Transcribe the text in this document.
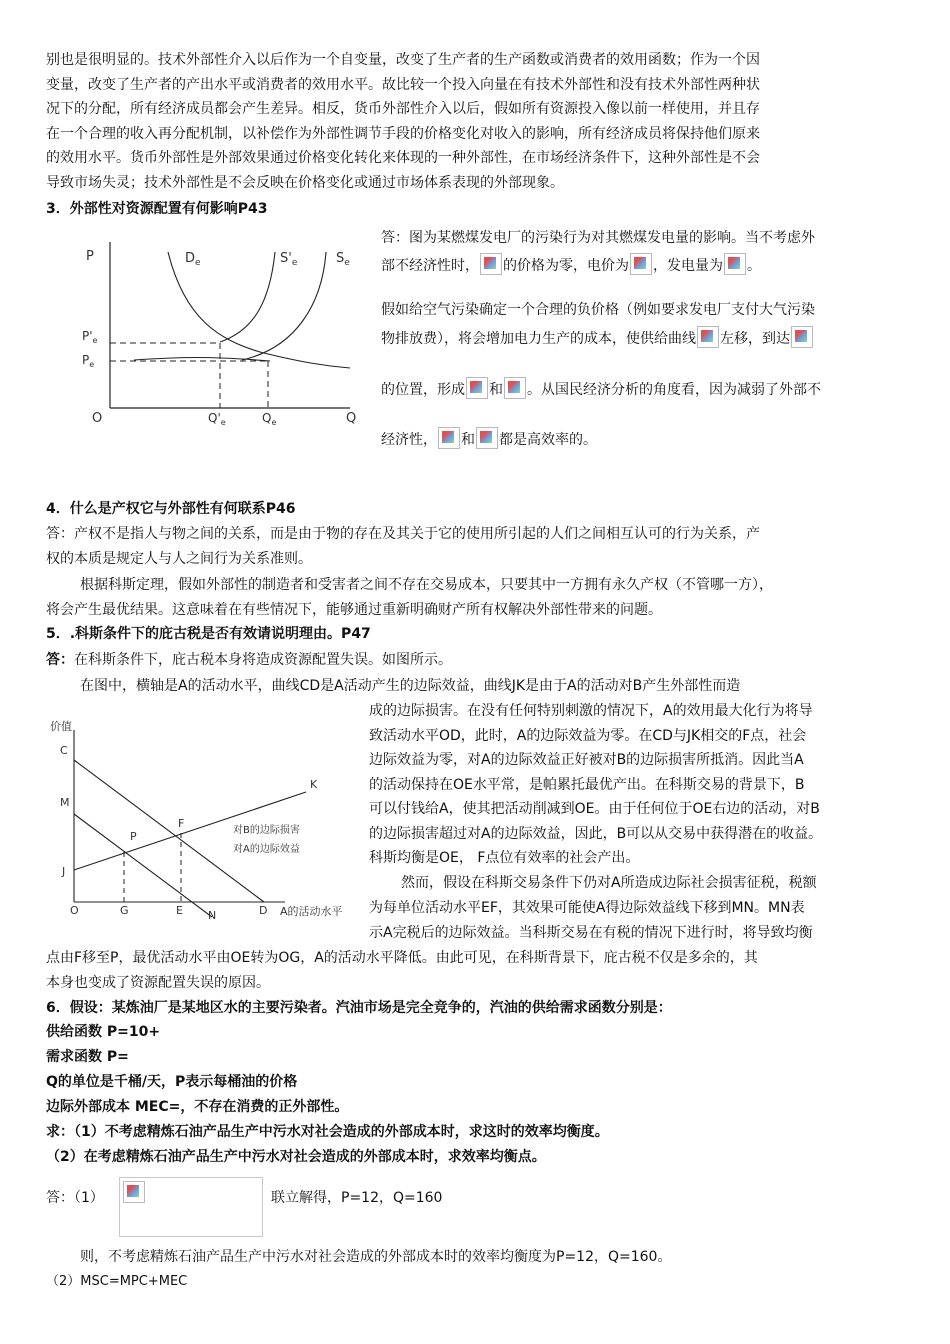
别也是很明显的。技术外部性介入以后作为一个自变量，改变了生产者的生产函数或消费者的效用函数；作为一个因

变量，改变了生产者的产出水平或消费者的效用水平。故比较一个投入向量在有技术外部性和没有技术外部性两种状

况下的分配，所有经济成员都会产生差异。相反，货币外部性介入以后，假如所有资源投入像以前一样使用，并且存

在一个合理的收入再分配机制，以补偿作为外部性调节手段的价格变化对收入的影响，所有经济成员将保持他们原来

的效用水平。货币外部性是外部效果通过价格变化转化来体现的一种外部性，在市场经济条件下，这种外部性是不会

导致市场失灵；技术外部性是不会反映在价格变化或通过市场体系表现的外部现象。

3．外部性对资源配置有何影响P43

P
O	Q
$D_e$	$S'_e$	$S_e$
$P'_e$
$P_e$
$Q'_e$	$Q_e$

答：图为某燃煤发电厂的污染行为对其燃煤发电量的影响。当不考虑外

部不经济性时， 的价格为零，电价为 ，发电量为 。

假如给空气污染确定一个合理的负价格（例如要求发电厂支付大气污染

物排放费），将会增加电力生产的成本，使供给曲线 左移，到达

的位置，形成 和 。从国民经济分析的角度看，因为减弱了外部不

经济性， 和 都是高效率的。

4．什么是产权它与外部性有何联系P46

答：产权不是指人与物之间的关系，而是由于物的存在及其关于它的使用所引起的人们之间相互认可的行为关系，产

权的本质是规定人与人之间行为关系准则。

根据科斯定理，假如外部性的制造者和受害者之间不存在交易成本，只要其中一方拥有永久产权（不管哪一方），

将会产生最优结果。这意味着在有些情况下，能够通过重新明确财产所有权解决外部性带来的问题。

5．.科斯条件下的庇古税是否有效请说明理由。P47

答：在科斯条件下，庇古税本身将造成资源配置失误。如图所示。

在图中，横轴是A的活动水平，曲线CD是A活动产生的边际效益，曲线JK是由于A的活动对B产生外部性而造

价值
C
M
J
O	G	E N	D A的活动水平
K
F
P	对B的边际损害
对A的边际效益

成的边际损害。在没有任何特别刺激的情况下，A的效用最大化行为将导

致活动水平OD，此时，A的边际效益为零。在CD与JK相交的F点，社会

边际效益为零，对A的边际效益正好被对B的边际损害所抵消。因此当A

的活动保持在OE水平常，是帕累托最优产出。在科斯交易的背景下，B

可以付钱给A，使其把活动削减到OE。由于任何位于OE右边的活动，对B

的边际损害超过对A的边际效益，因此，B可以从交易中获得潜在的收益。

科斯均衡是OE， F点位有效率的社会产出。

然而，假设在科斯交易条件下仍对A所造成边际社会损害征税，税额

为每单位活动水平EF，其效果可能使A得边际效益线下移到MN。MN表

示A完税后的边际效益。当科斯交易在有税的情况下进行时，将导致均衡

点由F移至P，最优活动水平由OE转为OG，A的活动水平降低。由此可见，在科斯背景下，庇古税不仅是多余的，其

本身也变成了资源配置失误的原因。

6．假设：某炼油厂是某地区水的主要污染者。汽油市场是完全竞争的，汽油的供给需求函数分别是：

供给函数 P=10+

需求函数 P=

Q的单位是千桶/天，P表示每桶油的价格

边际外部成本 MEC=，不存在消费的正外部性。

求：（1）不考虑精炼石油产品生产中污水对社会造成的外部成本时，求这时的效率均衡度。

（2）在考虑精炼石油产品生产中污水对社会造成的外部成本时，求效率均衡点。

答：（1）	联立解得，P=12，Q=160

则，不考虑精炼石油产品生产中污水对社会造成的外部成本时的效率均衡度为P=12，Q=160。

（2）MSC=MPC+MEC
